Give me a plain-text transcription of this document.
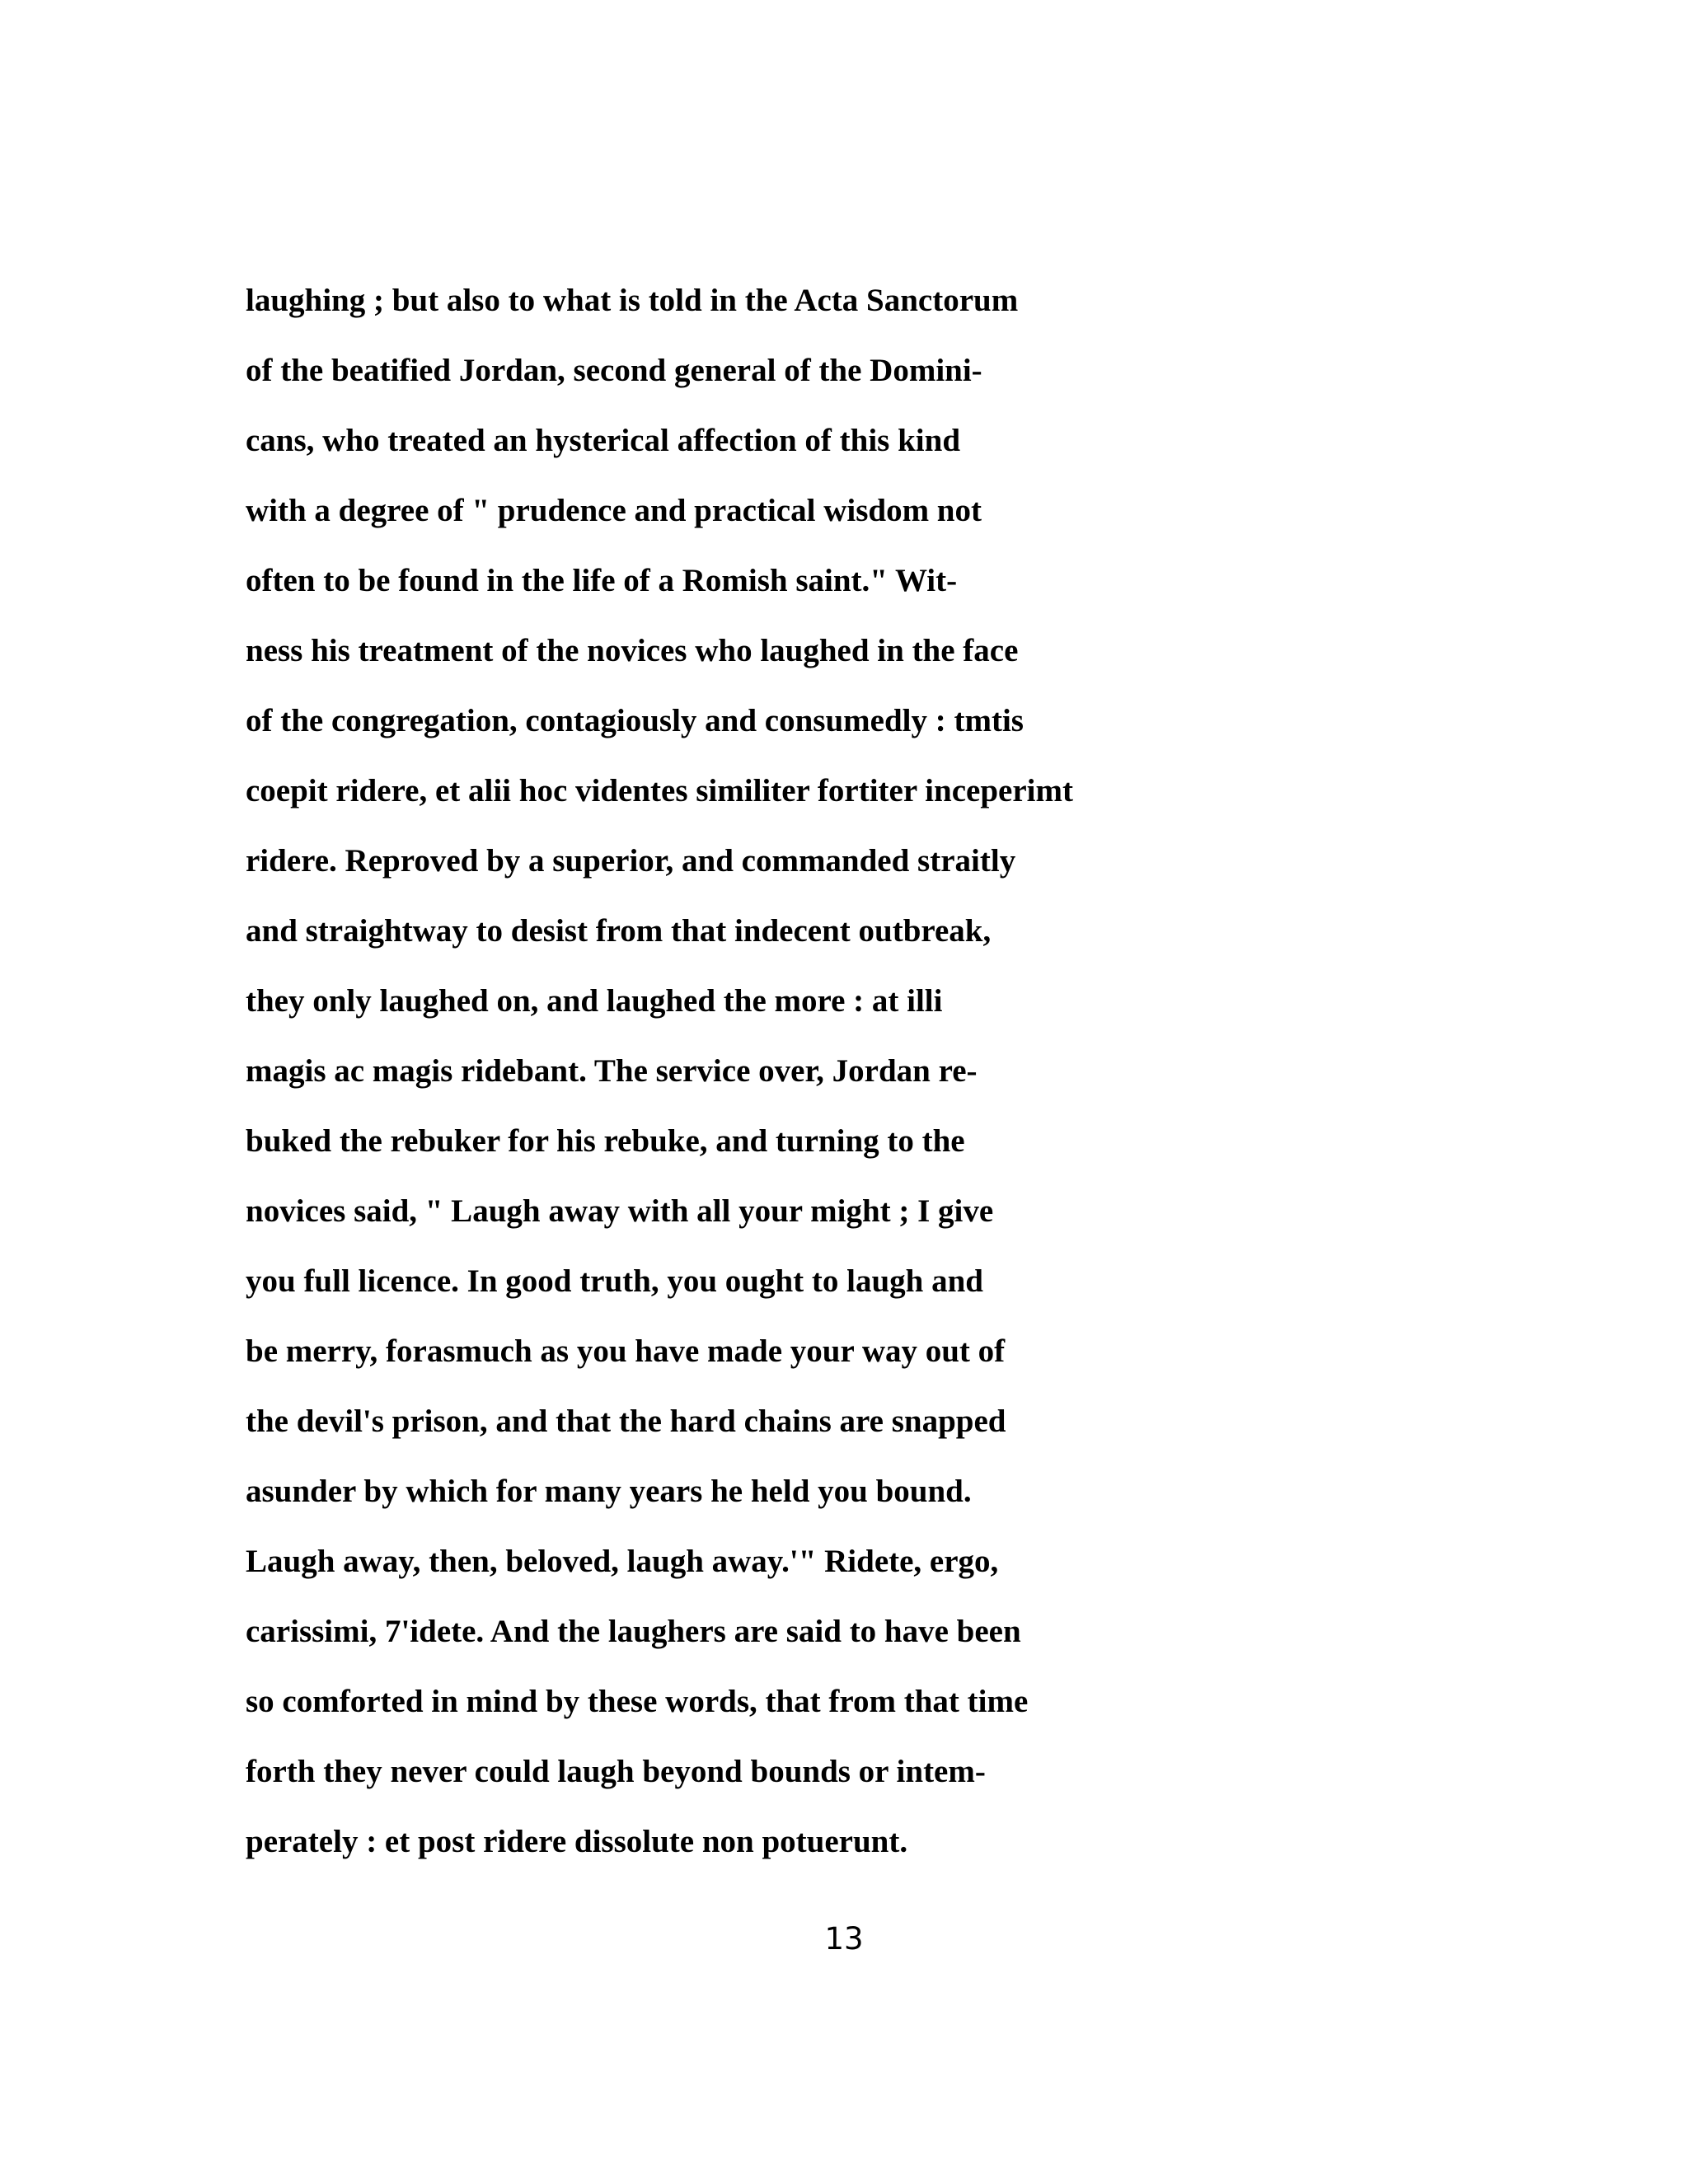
laughing ; but also to what is told in the Acta Sanctorum
of the beatified Jordan, second general of the Domini-
cans, who treated an hysterical affection of this kind
with a degree of " prudence and practical wisdom not
often to be found in the life of a Romish saint." Wit-
ness his treatment of the novices who laughed in the face
of the congregation, contagiously and consumedly : tmtis
coepit ridere, et alii hoc videntes similiter fortiter inceperimt
ridere. Reproved by a superior, and commanded straitly
and straightway to desist from that indecent outbreak,
they only laughed on, and laughed the more : at illi
magis ac magis ridebant. The service over, Jordan re-
buked the rebuker for his rebuke, and turning to the
novices said, " Laugh away with all your might ; I give
you full licence. In good truth, you ought to laugh and
be merry, forasmuch as you have made your way out of
the devil's prison, and that the hard chains are snapped
asunder by which for many years he held you bound.
Laugh away, then, beloved, laugh away.'" Ridete, ergo,
carissimi, 7'idete. And the laughers are said to have been
so comforted in mind by these words, that from that time
forth they never could laugh beyond bounds or intem-
perately : et post ridere dissolute non potuerunt.
13
